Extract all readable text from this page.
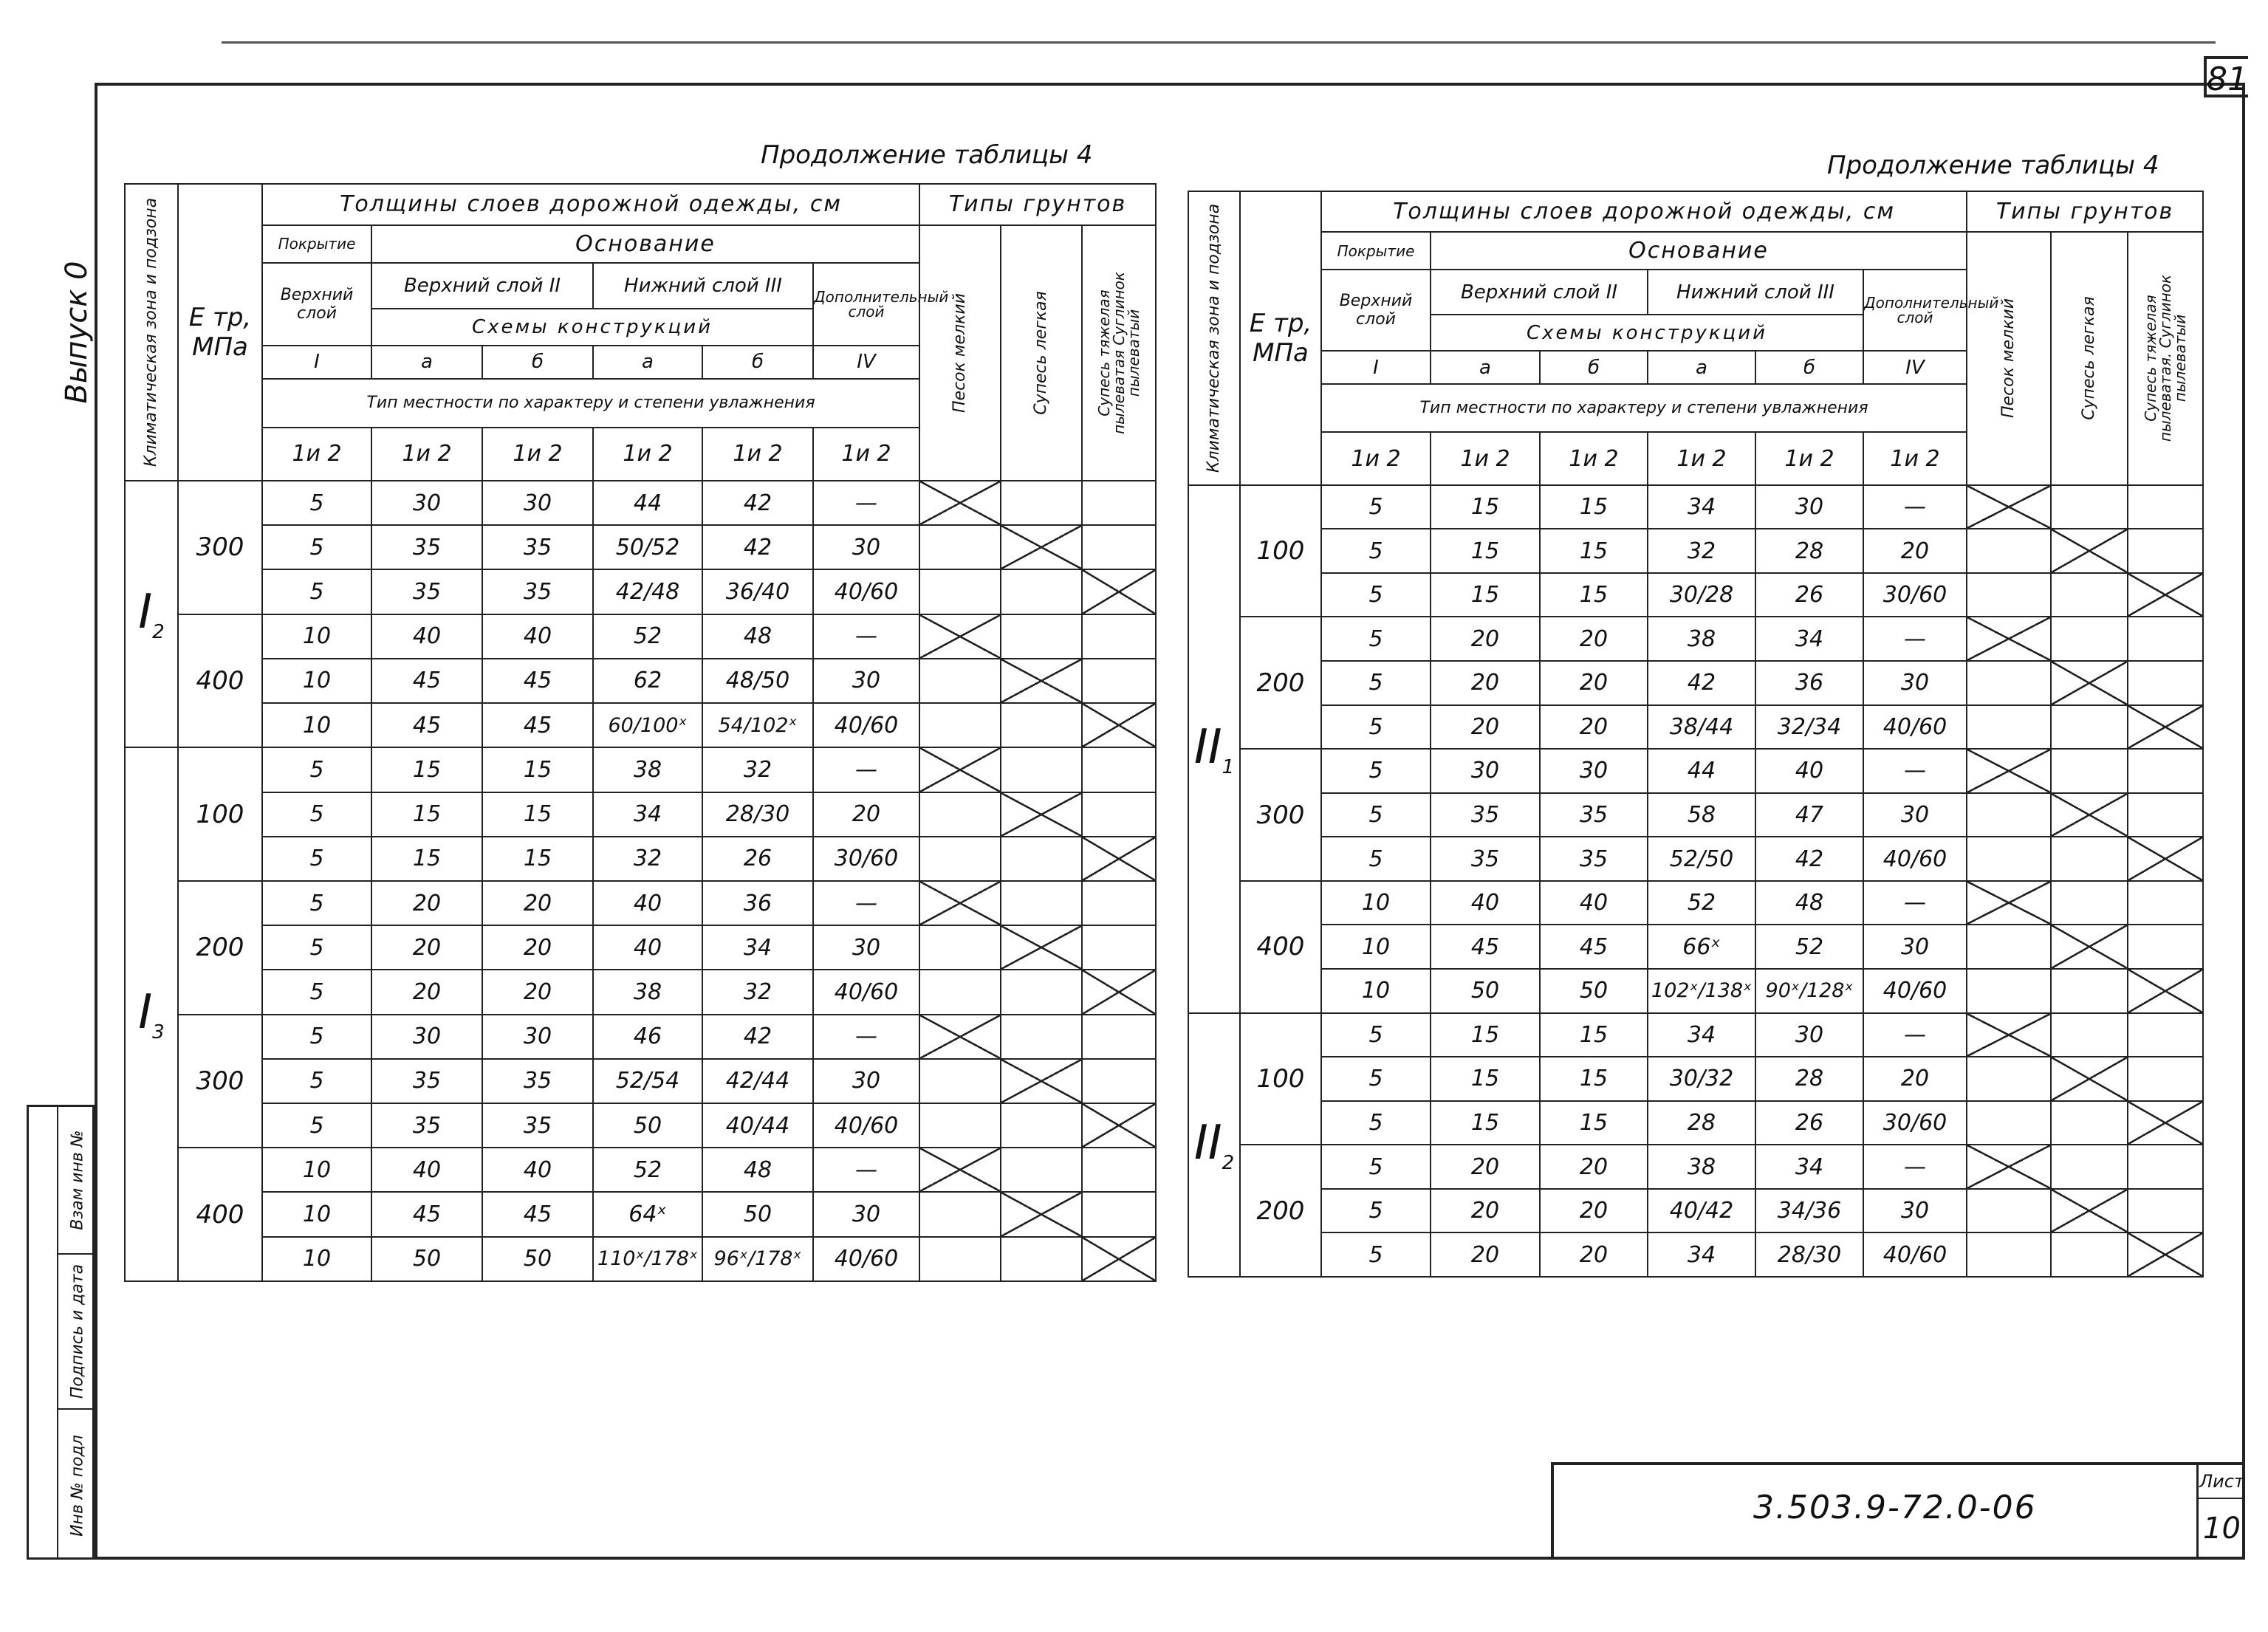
81
Выпуск 0
Взам инв №
Подпись и дата
Инв № подл
Продолжение таблицы 4	Продолжение таблицы 4
Климатическая зона и подзона	Е тр, МПа	Толщины слоев дорожной одежды, см						Типы грунтов		
		Покрытие	Основание					Песок мелкий	Супесь легкая	Супесь тяжелая пылеватая Суглинок пылеватый

		Верхний слой	Верхний слой II		Нижний слой III		Дополнительный слой			
			Схемы конструкций							
		I	а	б	а	б	IV			
		Тип местности по характеру и степени увлажнения								
		1и 2	1и 2	1и 2	1и 2	1и 2	1и 2			
$I_2$	300	5	30	30	44	42	—			
		5	35	35	50/52	42	30			
		5	35	35	42/48	36/40	40/60			
	400	10	40	40	52	48	—			
		10	45	45	62	48/50	30			
		10	45	45	60/100ˣ	54/102ˣ	40/60			
$I_3$	100	5	15	15	38	32	—			
		5	15	15	34	28/30	20			
		5	15	15	32	26	30/60			
	200	5	20	20	40	36	—			
		5	20	20	40	34	30			
		5	20	20	38	32	40/60			
	300	5	30	30	46	42	—			
		5	35	35	52/54	42/44	30			
		5	35	35	50	40/44	40/60			
	400	10	40	40	52	48	—			
		10	45	45	64ˣ	50	30			
		10	50	50	110ˣ/178ˣ	96ˣ/178ˣ	40/60			
Климатическая зона и подзона	Е тр, МПа	Толщины слоев дорожной одежды, см						Типы грунтов		
		Покрытие	Основание					Песок мелкий	Супесь легкая	Супесь тяжелая пылеватая. Суглинок пылеватый

		Верхний слой	Верхний слой II		Нижний слой III		Дополнительный слой			
			Схемы конструкций							
		I	а	б	а	б	IV			
		Тип местности по характеру и степени увлажнения								
		1и 2	1и 2	1и 2	1и 2	1и 2	1и 2			
$II_1$	100	5	15	15	34	30	—			
		5	15	15	32	28	20			
		5	15	15	30/28	26	30/60			
	200	5	20	20	38	34	—			
		5	20	20	42	36	30			
		5	20	20	38/44	32/34	40/60			
	300	5	30	30	44	40	—			
		5	35	35	58	47	30			
		5	35	35	52/50	42	40/60			
	400	10	40	40	52	48	—			
		10	45	45	66ˣ	52	30			
		10	50	50	102ˣ/138ˣ	90ˣ/128ˣ	40/60			
$II_2$	100	5	15	15	34	30	—			
		5	15	15	30/32	28	20			
		5	15	15	28	26	30/60			
	200	5	20	20	38	34	—			
		5	20	20	40/42	34/36	30			
		5	20	20	34	28/30	40/60			
3.503.9-72.0-06
Лист
10
